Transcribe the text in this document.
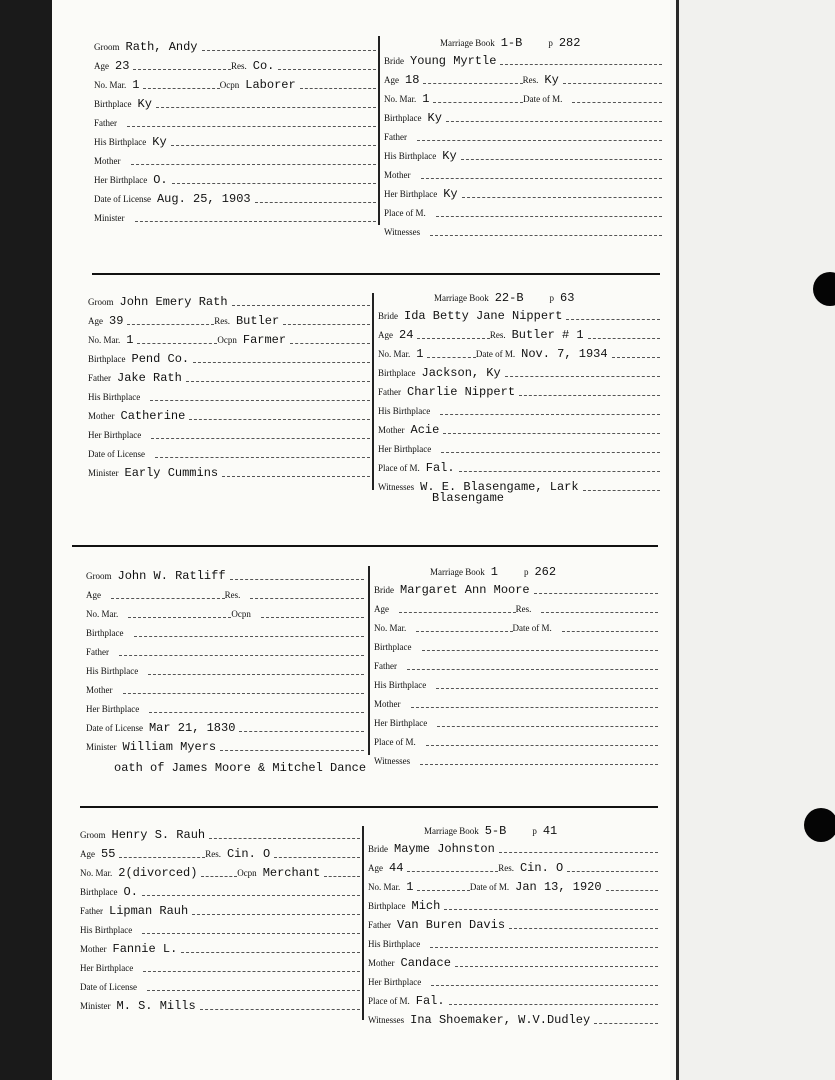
Marriage Book 1-B	p 282
Groom Rath, Andy
Age 23	Res. Co.
No. Mar. 1	Ocpn Laborer
Birthplace Ky
Father
His Birthplace Ky
Mother
Her Birthplace O.
Date of License Aug. 25, 1903
Minister
Bride Young Myrtle
Age 18	Res. Ky
No. Mar. 1	Date of M.
Birthplace Ky
Father
His Birthplace Ky
Mother
Her Birthplace Ky
Place of M.
Witnesses
Marriage Book 22-B	p 63
Groom John Emery Rath
Age 39	Res. Butler
No. Mar. 1	Ocpn Farmer
Birthplace Pend Co.
Father Jake Rath
His Birthplace
Mother Catherine
Her Birthplace
Date of License
Minister Early Cummins
Bride Ida Betty Jane Nippert
Age 24	Res. Butler # 1
No. Mar. 1	Date of M. Nov. 7, 1934
Birthplace Jackson, Ky
Father Charlie Nippert
His Birthplace
Mother Acie
Her Birthplace
Place of M. Fal.
Witnesses W. E. Blasengame, Lark
Blasengame
Marriage Book 1	p 262
Groom John W. Ratliff
Age	Res.
No. Mar.	Ocpn
Birthplace
Father
His Birthplace
Mother
Her Birthplace
Date of License Mar 21, 1830
Minister William Myers
Bride Margaret Ann Moore
Age	Res.
No. Mar.	Date of M.
Birthplace
Father
His Birthplace
Mother
Her Birthplace
Place of M.
Witnesses
oath of James Moore & Mitchel Dance
Marriage Book 5-B	p 41
Groom Henry S. Rauh
Age 55	Res. Cin. O
No. Mar. 2(divorced)	Ocpn Merchant
Birthplace O.
Father Lipman Rauh
His Birthplace
Mother Fannie L.
Her Birthplace
Date of License
Minister M. S. Mills
Bride Mayme Johnston
Age 44	Res. Cin. O
No. Mar. 1	Date of M. Jan 13, 1920
Birthplace Mich
Father Van Buren Davis
His Birthplace
Mother Candace
Her Birthplace
Place of M. Fal.
Witnesses Ina Shoemaker, W.V.Dudley
